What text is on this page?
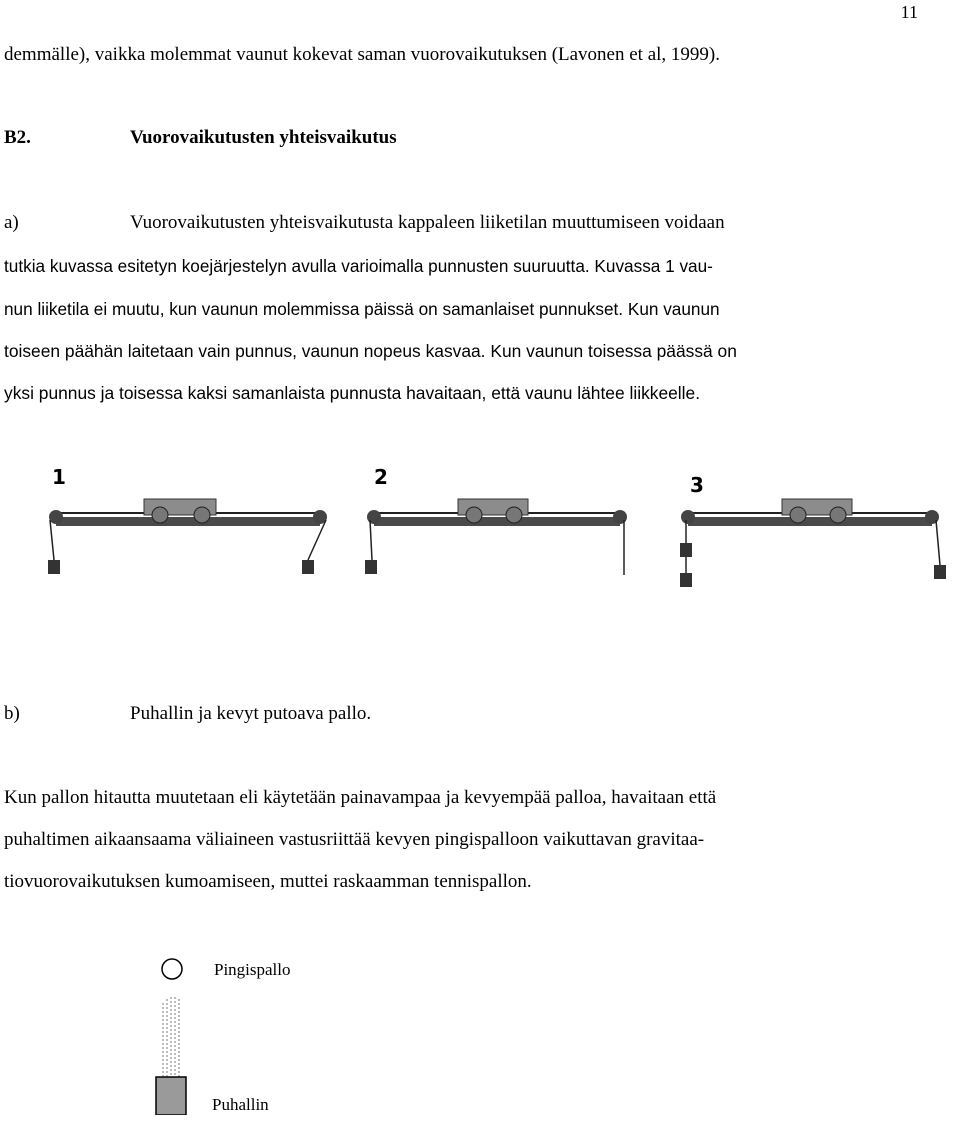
11
demmälle), vaikka molemmat vaunut kokevat saman vuorovaikutuksen (Lavonen et al, 1999).
B2.	Vuorovaikutusten yhteisvaikutus
a)	Vuorovaikutusten yhteisvaikutusta kappaleen liiketilan muuttumiseen voidaan
tutkia kuvassa esitetyn koejärjestelyn avulla varioimalla punnusten suuruutta. Kuvassa 1 vau-
nun liiketila ei muutu, kun vaunun molemmissa päissä on samanlaiset punnukset. Kun vaunun
toiseen päähän laitetaan vain punnus, vaunun nopeus kasvaa. Kun vaunun toisessa päässä on
yksi punnus ja toisessa kaksi samanlaista punnusta havaitaan, että vaunu lähtee liikkeelle.
1	2	3
b)	Puhallin ja kevyt putoava pallo.
Kun pallon hitautta muutetaan eli käytetään painavampaa ja kevyempää palloa, havaitaan että
puhaltimen aikaansaama väliaineen vastusriittää kevyen pingispalloon vaikuttavan gravitaa-
tiovuorovaikutuksen kumoamiseen, muttei raskaamman tennispallon.
Pingispallo
Puhallin
